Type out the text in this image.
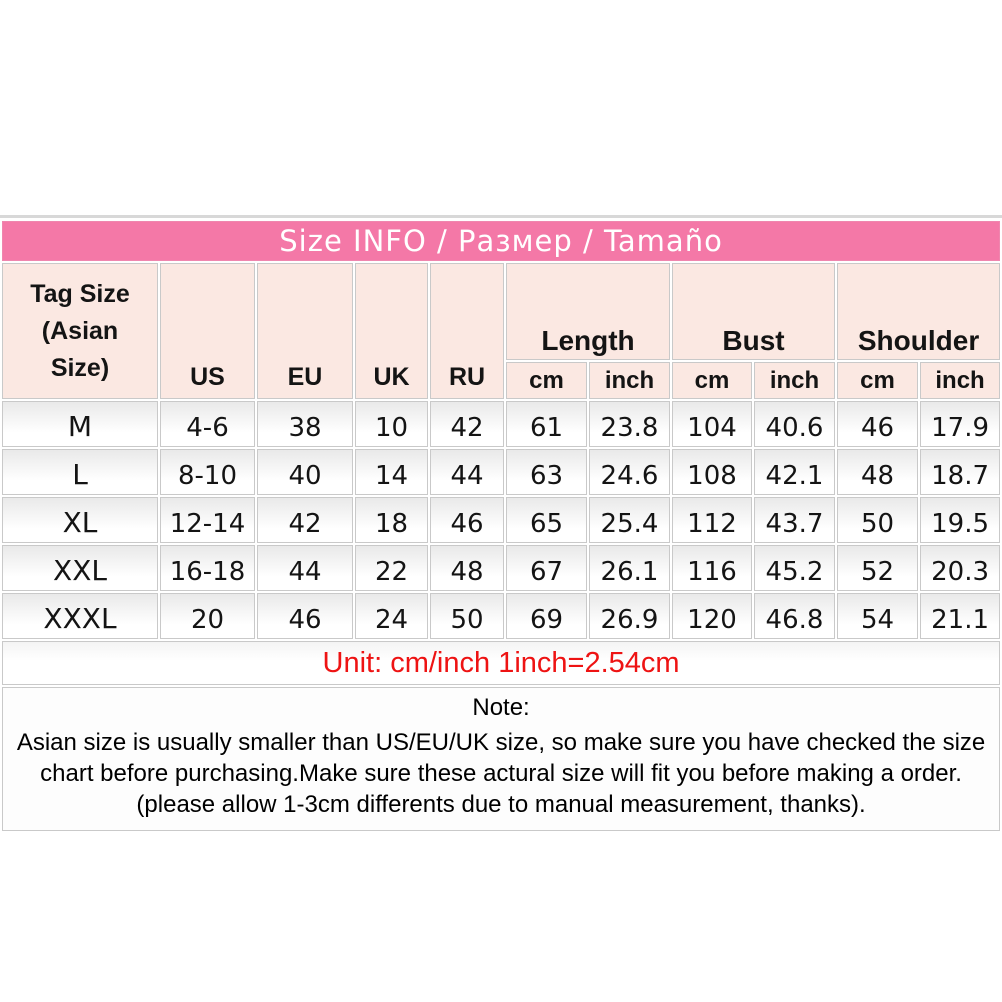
Size INFO / Размер / Tamaño										

Tag Size
(Asian
Size)	US	EU	UK	RU	Length		Bust		Shoulder	
					cm	inch	cm	inch	cm	inch
M	4-6	38	10	42	61	23.8	104	40.6	46	17.9
L	8-10	40	14	44	63	24.6	108	42.1	48	18.7
XL	12-14	42	18	46	65	25.4	112	43.7	50	19.5
XXL	16-18	44	22	48	67	26.1	116	45.2	52	20.3
XXXL	20	46	24	50	69	26.9	120	46.8	54	21.1
Unit: cm/inch 1inch=2.54cm										

Note:
Asian size is usually smaller than US/EU/UK size, so make sure you have checked the size chart before purchasing.Make sure these actural size will fit you before making a order.(please allow 1-3cm differents due to manual measurement, thanks).										
